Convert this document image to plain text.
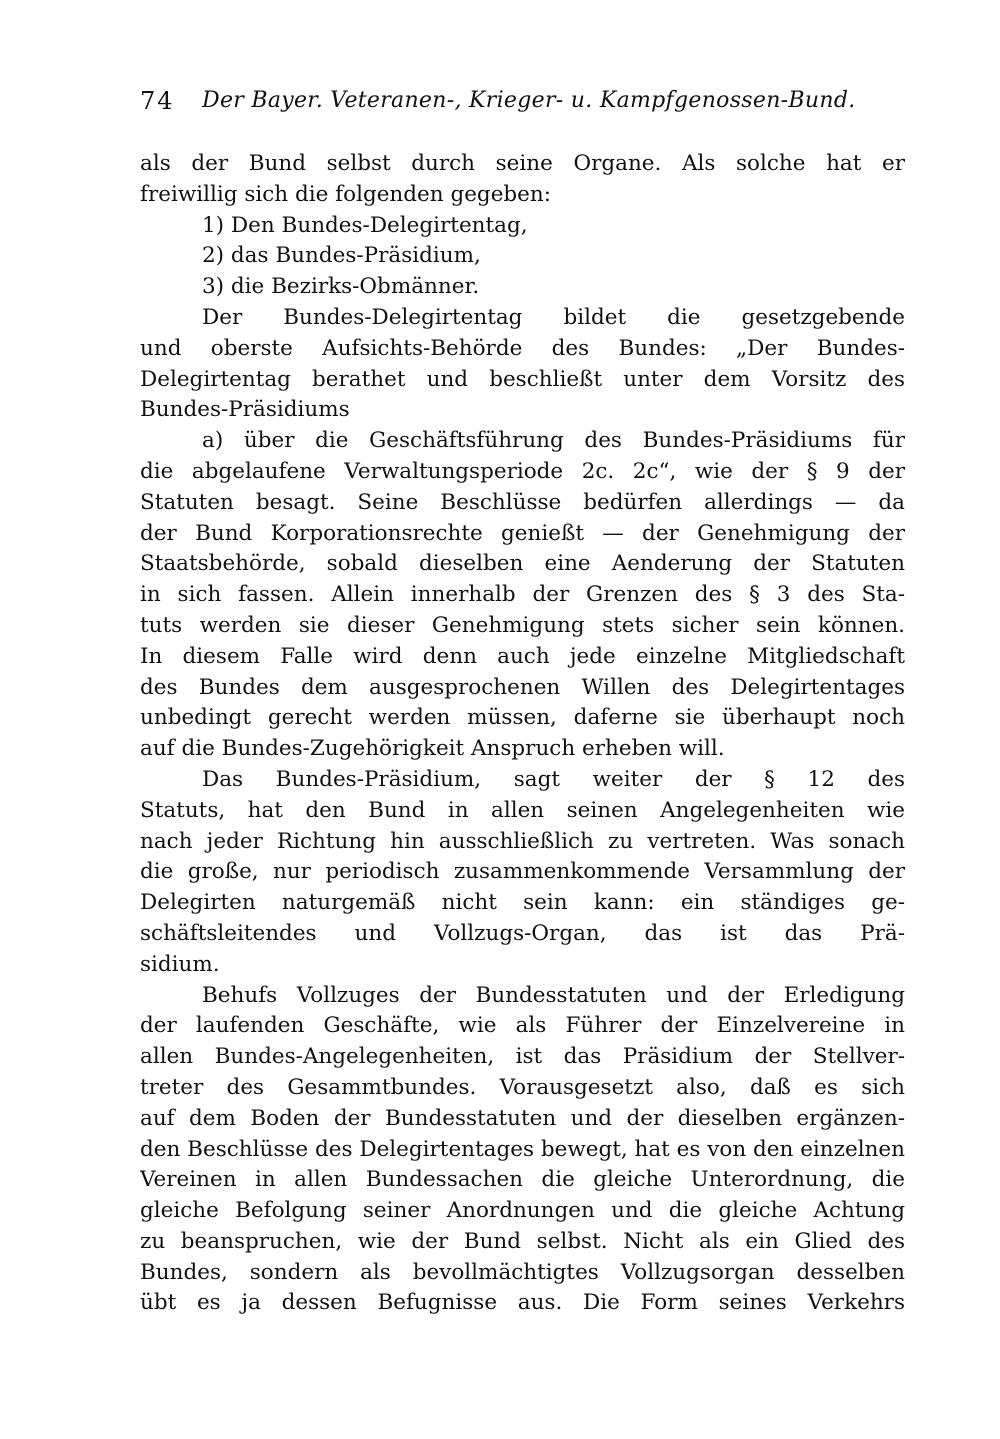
74 Der Bayer. Veteranen-, Krieger- u. Kampfgenossen-Bund.
als der Bund selbst durch seine Organe. Als solche hat er
freiwillig sich die folgenden gegeben:
1) Den Bundes-Delegirtentag,
2) das Bundes-Präsidium,
3) die Bezirks-Obmänner.
Der Bundes-Delegirtentag bildet die gesetzgebende
und oberste Aufsichts-Behörde des Bundes: „Der Bundes-
Delegirtentag berathet und beschließt unter dem Vorsitz des
Bundes-Präsidiums
a) über die Geschäftsführung des Bundes-Präsidiums für
die abgelaufene Verwaltungsperiode 2c. 2c“, wie der § 9 der
Statuten besagt. Seine Beschlüsse bedürfen allerdings — da
der Bund Korporationsrechte genießt — der Genehmigung der
Staatsbehörde, sobald dieselben eine Aenderung der Statuten
in sich fassen. Allein innerhalb der Grenzen des § 3 des Sta-
tuts werden sie dieser Genehmigung stets sicher sein können.
In diesem Falle wird denn auch jede einzelne Mitgliedschaft
des Bundes dem ausgesprochenen Willen des Delegirtentages
unbedingt gerecht werden müssen, daferne sie überhaupt noch
auf die Bundes-Zugehörigkeit Anspruch erheben will.
Das Bundes-Präsidium, sagt weiter der § 12 des
Statuts, hat den Bund in allen seinen Angelegenheiten wie
nach jeder Richtung hin ausschließlich zu vertreten. Was sonach
die große, nur periodisch zusammenkommende Versammlung der
Delegirten naturgemäß nicht sein kann: ein ständiges ge-
schäftsleitendes und Vollzugs-Organ, das ist das Prä-
sidium.
Behufs Vollzuges der Bundesstatuten und der Erledigung
der laufenden Geschäfte, wie als Führer der Einzelvereine in
allen Bundes-Angelegenheiten, ist das Präsidium der Stellver-
treter des Gesammtbundes. Vorausgesetzt also, daß es sich
auf dem Boden der Bundesstatuten und der dieselben ergänzen-
den Beschlüsse des Delegirtentages bewegt, hat es von den einzelnen
Vereinen in allen Bundessachen die gleiche Unterordnung, die
gleiche Befolgung seiner Anordnungen und die gleiche Achtung
zu beanspruchen, wie der Bund selbst. Nicht als ein Glied des
Bundes, sondern als bevollmächtigtes Vollzugsorgan desselben
übt es ja dessen Befugnisse aus. Die Form seines Verkehrs
